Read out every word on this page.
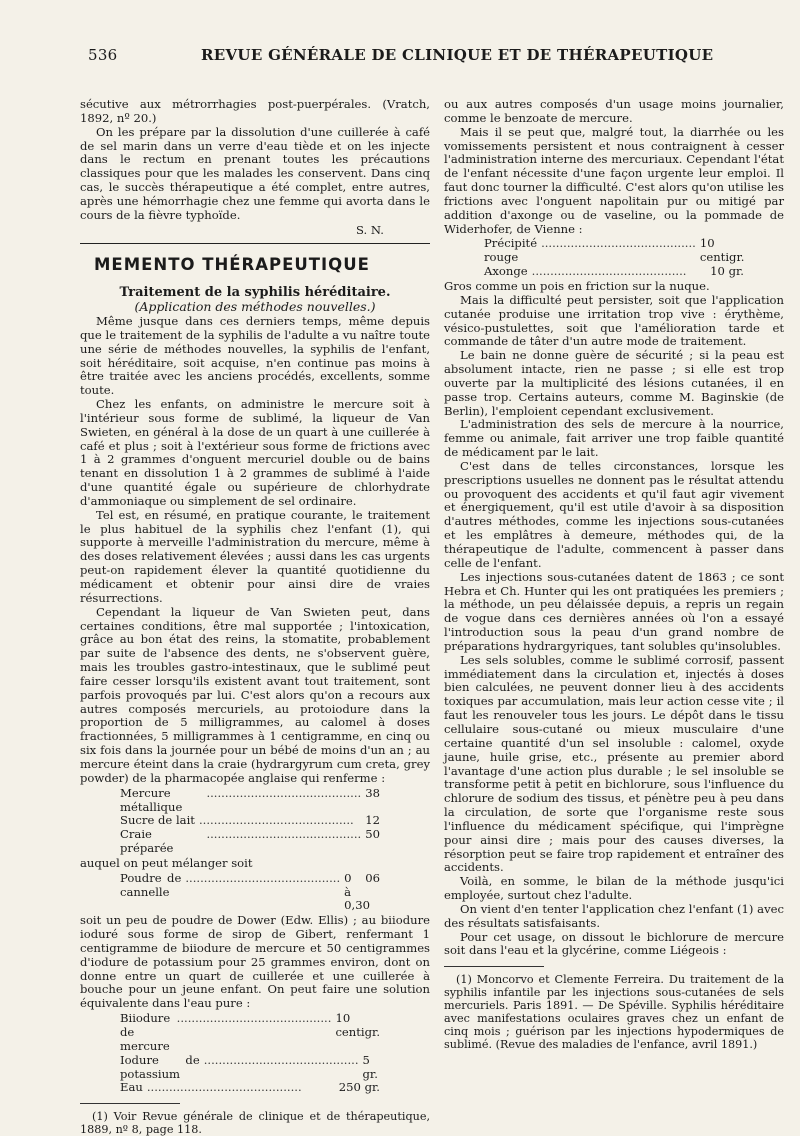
536	REVUE GÉNÉRALE DE CLINIQUE ET DE THÉRAPEUTIQUE

sécutive aux métrorrhagies post-puerpérales. (Vratch, 1892, nº 20.)

On les prépare par la dissolution d'une cuillerée à café de sel marin dans un verre d'eau tiède et on les injecte dans le rectum en prenant toutes les précautions classiques pour que les malades les conservent. Dans cinq cas, le succès thérapeutique a été complet, entre autres, après une hémorrhagie chez une femme qui avorta dans le cours de la fièvre typhoïde.

S. N.
MEMENTO THÉRAPEUTIQUE
Traitement de la syphilis héréditaire.
(Application des méthodes nouvelles.)

Même jusque dans ces derniers temps, même depuis que le traitement de la syphilis de l'adulte a vu naître toute une série de méthodes nouvelles, la syphilis de l'enfant, soit héréditaire, soit acquise, n'en continue pas moins à être traitée avec les anciens procédés, excellents, somme toute.

Chez les enfants, on administre le mercure soit à l'intérieur sous forme de sublimé, la liqueur de Van Swieten, en général à la dose de un quart à une cuillerée à café et plus ; soit à l'extérieur sous forme de frictions avec 1 à 2 grammes d'onguent mercuriel double ou de bains tenant en dissolution 1 à 2 grammes de sublimé à l'aide d'une quantité égale ou supérieure de chlorhydrate d'ammoniaque ou simplement de sel ordinaire.

Tel est, en résumé, en pratique courante, le traitement le plus habituel de la syphilis chez l'enfant (1), qui supporte à merveille l'administration du mercure, même à des doses relativement élevées ; aussi dans les cas urgents peut-on rapidement élever la quantité quotidienne du médicament et obtenir pour ainsi dire de vraies résurrections.

Cependant la liqueur de Van Swieten peut, dans certaines conditions, être mal supportée ; l'intoxication, grâce au bon état des reins, la stomatite, probablement par suite de l'absence des dents, ne s'observent guère, mais les troubles gastro-intestinaux, que le sublimé peut faire cesser lorsqu'ils existent avant tout traitement, sont parfois provoqués par lui. C'est alors qu'on a recours aux autres composés mercuriels, au protoiodure dans la proportion de 5 milligrammes, au calomel à doses fractionnées, 5 milligrammes à 1 centigramme, en cinq ou six fois dans la journée pour un bébé de moins d'un an ; au mercure éteint dans la craie (hydrargyrum cum creta, grey powder) de la pharmacopée anglaise qui renferme :

Mercure métallique
.......................................... 38
Sucre de lait .......................................... 12
Craie préparée
.......................................... 50

auquel on peut mélanger soit

Poudre de cannelle
.......................................... 0 06 à 0,30

soit un peu de poudre de Dower (Edw. Ellis) ; au biiodure ioduré sous forme de sirop de Gibert, renfermant 1 centigramme de biiodure de mercure et 50 centigrammes d'iodure de potassium pour 25 grammes environ, dont on donne entre un quart de cuillerée et une cuillerée à bouche pour un jeune enfant. On peut faire une solution équivalente dans l'eau pure :

Biiodure de mercure
.......................................... 10 centigr.
Iodure de potassium
.......................................... 5 gr.
Eau ..........................................	250 gr.

(1) Voir Revue générale de clinique et de thérapeutique, 1889, nº 8, page 118.

ou aux autres composés d'un usage moins journalier, comme le benzoate de mercure.

Mais il se peut que, malgré tout, la diarrhée ou les vomissements persistent et nous contraignent à cesser l'administration interne des mercuriaux. Cependant l'état de l'enfant nécessite d'une façon urgente leur emploi. Il faut donc tourner la difficulté. C'est alors qu'on utilise les frictions avec l'onguent napolitain pur ou mitigé par addition d'axonge ou de vaseline, ou la pommade de Widerhofer, de Vienne :

Précipité rouge
.......................................... 10 centigr.
Axonge ..........................................	10 gr.

Gros comme un pois en friction sur la nuque.

Mais la difficulté peut persister, soit que l'application cutanée produise une irritation trop vive : érythème, vésico-pustulettes, soit que l'amélioration tarde et commande de tâter d'un autre mode de traitement.

Le bain ne donne guère de sécurité ; si la peau est absolument intacte, rien ne passe ; si elle est trop ouverte par la multiplicité des lésions cutanées, il en passe trop. Certains auteurs, comme M. Baginskie (de Berlin), l'emploient cependant exclusivement.

L'administration des sels de mercure à la nourrice, femme ou animale, fait arriver une trop faible quantité de médicament par le lait.

C'est dans de telles circonstances, lorsque les prescriptions usuelles ne donnent pas le résultat attendu ou provoquent des accidents et qu'il faut agir vivement et énergiquement, qu'il est utile d'avoir à sa disposition d'autres méthodes, comme les injections sous-cutanées et les emplâtres à demeure, méthodes qui, de la thérapeutique de l'adulte, commencent à passer dans celle de l'enfant.

Les injections sous-cutanées datent de 1863 ; ce sont Hebra et Ch. Hunter qui les ont pratiquées les premiers ; la méthode, un peu délaissée depuis, a repris un regain de vogue dans ces dernières années où l'on a essayé l'introduction sous la peau d'un grand nombre de préparations hydrargyriques, tant solubles qu'insolubles.

Les sels solubles, comme le sublimé corrosif, passent immédiatement dans la circulation et, injectés à doses bien calculées, ne peuvent donner lieu à des accidents toxiques par accumulation, mais leur action cesse vite ; il faut les renouveler tous les jours. Le dépôt dans le tissu cellulaire sous-cutané ou mieux musculaire d'une certaine quantité d'un sel insoluble : calomel, oxyde jaune, huile grise, etc., présente au premier abord l'avantage d'une action plus durable ; le sel insoluble se transforme petit à petit en bichlorure, sous l'influence du chlorure de sodium des tissus, et pénètre peu à peu dans la circulation, de sorte que l'organisme reste sous l'influence du médicament spécifique, qui l'imprègne pour ainsi dire ; mais pour des causes diverses, la résorption peut se faire trop rapidement et entraîner des accidents.

Voilà, en somme, le bilan de la méthode jusqu'ici employée, surtout chez l'adulte.

On vient d'en tenter l'application chez l'enfant (1) avec des résultats satisfaisants.

Pour cet usage, on dissout le bichlorure de mercure soit dans l'eau et la glycérine, comme Liégeois :

(1) Moncorvo et Clemente Ferreira. Du traitement de la syphilis infantile par les injections sous-cutanées de sels mercuriels. Paris 1891. — De Spéville. Syphilis héréditaire avec manifestations oculaires graves chez un enfant de cinq mois ; guérison par les injections hypodermiques de sublimé. (Revue des maladies de l'enfance, avril 1891.)
